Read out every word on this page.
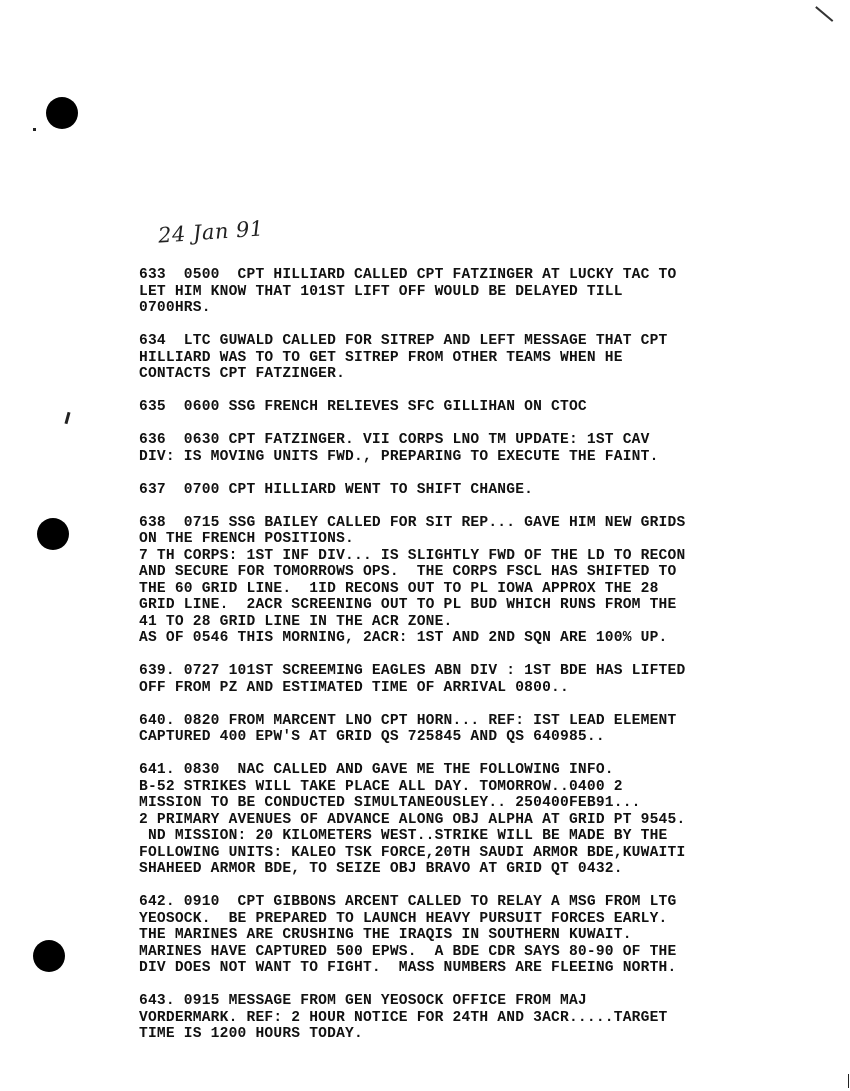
24 Jan 91
633  0500  CPT HILLIARD CALLED CPT FATZINGER AT LUCKY TAC TO
LET HIM KNOW THAT 101ST LIFT OFF WOULD BE DELAYED TILL
0700HRS.
634  LTC GUWALD CALLED FOR SITREP AND LEFT MESSAGE THAT CPT
HILLIARD WAS TO TO GET SITREP FROM OTHER TEAMS WHEN HE
CONTACTS CPT FATZINGER.
635  0600 SSG FRENCH RELIEVES SFC GILLIHAN ON CTOC
636  0630 CPT FATZINGER. VII CORPS LNO TM UPDATE: 1ST CAV
DIV: IS MOVING UNITS FWD., PREPARING TO EXECUTE THE FAINT.
637  0700 CPT HILLIARD WENT TO SHIFT CHANGE.
638  0715 SSG BAILEY CALLED FOR SIT REP... GAVE HIM NEW GRIDS
ON THE FRENCH POSITIONS.
7 TH CORPS: 1ST INF DIV... IS SLIGHTLY FWD OF THE LD TO RECON
AND SECURE FOR TOMORROWS OPS.  THE CORPS FSCL HAS SHIFTED TO
THE 60 GRID LINE.  1ID RECONS OUT TO PL IOWA APPROX THE 28
GRID LINE.  2ACR SCREENING OUT TO PL BUD WHICH RUNS FROM THE
41 TO 28 GRID LINE IN THE ACR ZONE.
AS OF 0546 THIS MORNING, 2ACR: 1ST AND 2ND SQN ARE 100% UP.
639. 0727 101ST SCREEMING EAGLES ABN DIV : 1ST BDE HAS LIFTED
OFF FROM PZ AND ESTIMATED TIME OF ARRIVAL 0800..
640. 0820 FROM MARCENT LNO CPT HORN... REF: IST LEAD ELEMENT
CAPTURED 400 EPW'S AT GRID QS 725845 AND QS 640985..
641. 0830  NAC CALLED AND GAVE ME THE FOLLOWING INFO.
B-52 STRIKES WILL TAKE PLACE ALL DAY. TOMORROW..0400 2
MISSION TO BE CONDUCTED SIMULTANEOUSLEY.. 250400FEB91...
2 PRIMARY AVENUES OF ADVANCE ALONG OBJ ALPHA AT GRID PT 9545.
ND MISSION: 20 KILOMETERS WEST..STRIKE WILL BE MADE BY THE
FOLLOWING UNITS: KALEO TSK FORCE,20TH SAUDI ARMOR BDE,KUWAITI
SHAHEED ARMOR BDE, TO SEIZE OBJ BRAVO AT GRID QT 0432.
642. 0910  CPT GIBBONS ARCENT CALLED TO RELAY A MSG FROM LTG
YEOSOCK.  BE PREPARED TO LAUNCH HEAVY PURSUIT FORCES EARLY.
THE MARINES ARE CRUSHING THE IRAQIS IN SOUTHERN KUWAIT.
MARINES HAVE CAPTURED 500 EPWS.  A BDE CDR SAYS 80-90 OF THE
DIV DOES NOT WANT TO FIGHT.  MASS NUMBERS ARE FLEEING NORTH.
643. 0915 MESSAGE FROM GEN YEOSOCK OFFICE FROM MAJ
VORDERMARK. REF: 2 HOUR NOTICE FOR 24TH AND 3ACR.....TARGET
TIME IS 1200 HOURS TODAY.
